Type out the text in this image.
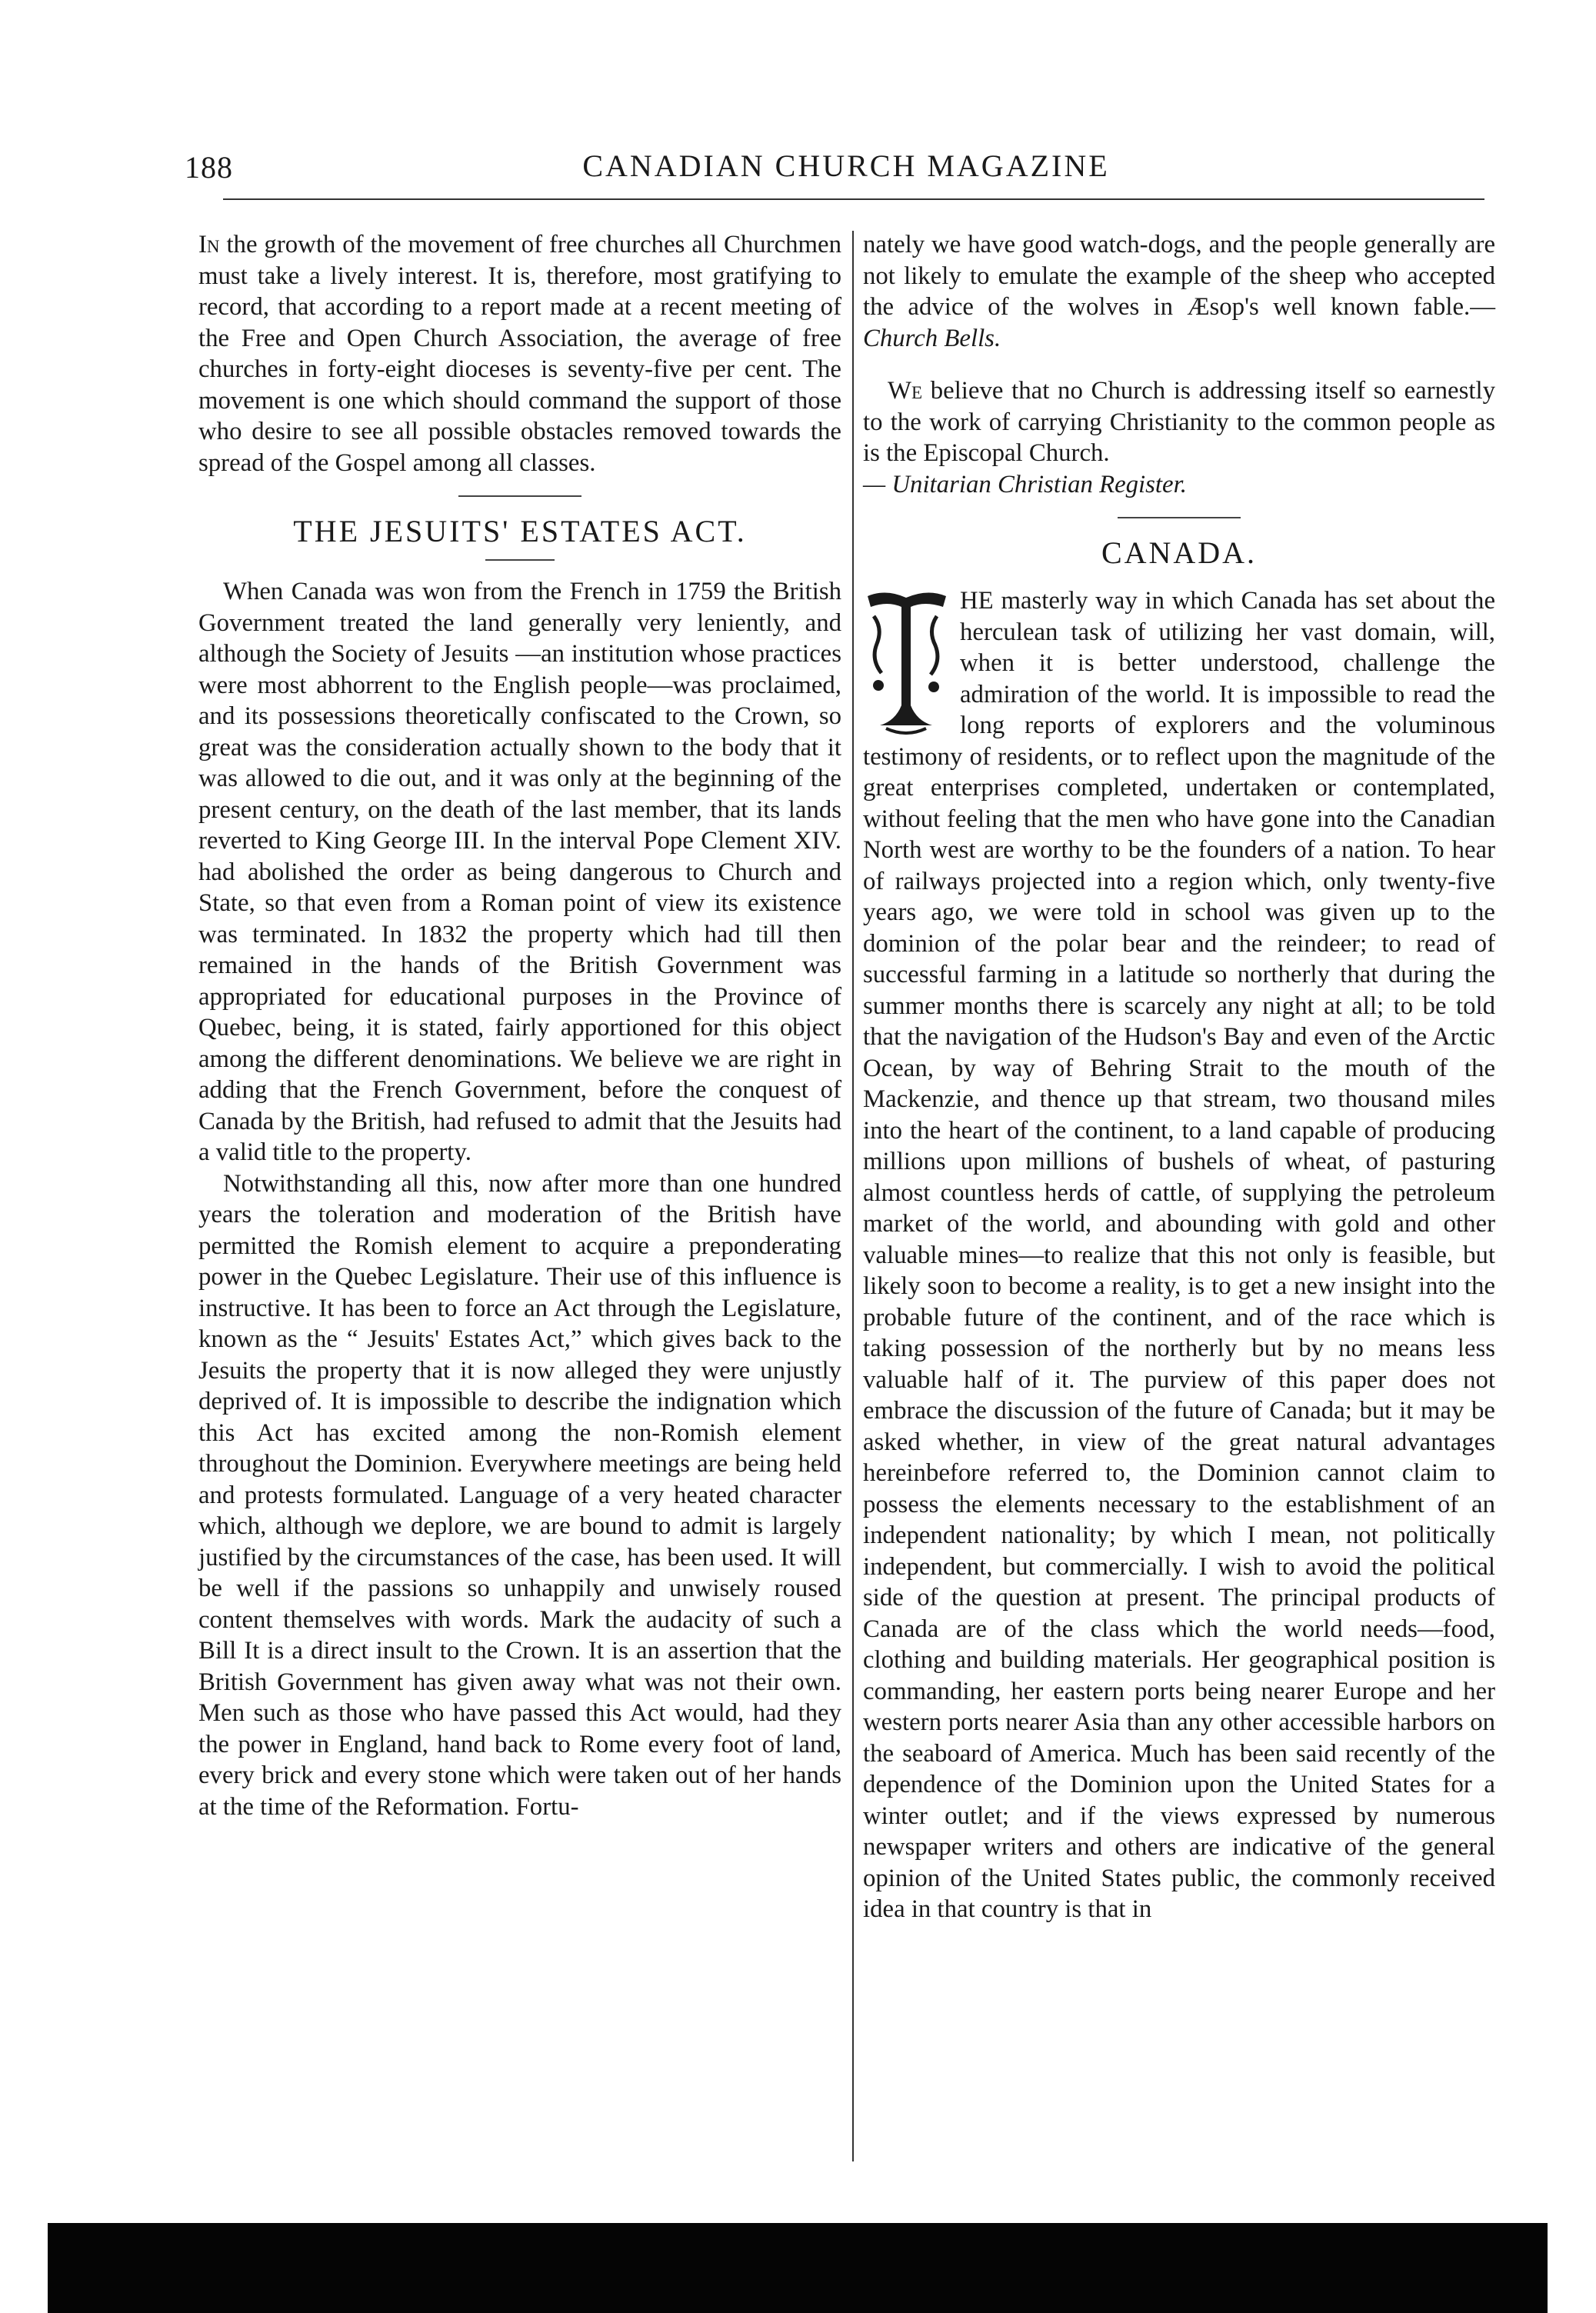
188	CANADIAN CHURCH MAGAZINE

In the growth of the movement of free churches all Churchmen must take a lively interest. It is, therefore, most gratifying to record, that according to a report made at a recent meeting of the Free and Open Church Association, the average of free churches in forty-eight dioceses is seventy-five per cent. The movement is one which should command the support of those who desire to see all possible obstacles removed towards the spread of the Gospel among all classes.

THE JESUITS' ESTATES ACT.

When Canada was won from the French in 1759 the British Government treated the land generally very leniently, and although the Society of Jesuits —an institution whose practices were most abhorrent to the English people—was proclaimed, and its possessions theoretically confiscated to the Crown, so great was the consideration actually shown to the body that it was allowed to die out, and it was only at the beginning of the present century, on the death of the last member, that its lands reverted to King George III. In the interval Pope Clement XIV. had abolished the order as being dangerous to Church and State, so that even from a Roman point of view its existence was terminated. In 1832 the property which had till then remained in the hands of the British Government was appropriated for educational purposes in the Province of Quebec, being, it is stated, fairly apportioned for this object among the different denominations. We believe we are right in adding that the French Government, before the conquest of Canada by the British, had refused to admit that the Jesuits had a valid title to the property.

Notwithstanding all this, now after more than one hundred years the toleration and moderation of the British have permitted the Romish element to acquire a preponderating power in the Quebec Legislature. Their use of this influence is instructive. It has been to force an Act through the Legislature, known as the “ Jesuits' Estates Act,” which gives back to the Jesuits the property that it is now alleged they were unjustly deprived of. It is impossible to describe the indignation which this Act has excited among the non-Romish element throughout the Dominion. Everywhere meetings are being held and protests formulated. Language of a very heated character which, although we deplore, we are bound to admit is largely justified by the circumstances of the case, has been used. It will be well if the passions so unhappily and unwisely roused content themselves with words. Mark the audacity of such a Bill It is a direct insult to the Crown. It is an assertion that the British Government has given away what was not their own. Men such as those who have passed this Act would, had they the power in England, hand back to Rome every foot of land, every brick and every stone which were taken out of her hands at the time of the Reformation. Fortu-

nately we have good watch-dogs, and the people generally are not likely to emulate the example of the sheep who accepted the advice of the wolves in Æsop's well known fable.—Church Bells.

We believe that no Church is addressing itself so earnestly to the work of carrying Christianity to the common people as is the Episcopal Church.

— Unitarian Christian Register.

CANADA.

HE masterly way in which Canada has set about the herculean task of utilizing her vast domain, will, when it is better understood, challenge the admiration of the world. It is impossible to read the long reports of explorers and the voluminous testimony of residents, or to reflect upon the magnitude of the great enterprises completed, undertaken or contemplated, without feeling that the men who have gone into the Canadian North west are worthy to be the founders of a nation. To hear of railways projected into a region which, only twenty-five years ago, we were told in school was given up to the dominion of the polar bear and the reindeer; to read of successful farming in a latitude so northerly that during the summer months there is scarcely any night at all; to be told that the navigation of the Hudson's Bay and even of the Arctic Ocean, by way of Behring Strait to the mouth of the Mackenzie, and thence up that stream, two thousand miles into the heart of the continent, to a land capable of producing millions upon millions of bushels of wheat, of pasturing almost countless herds of cattle, of supplying the petroleum market of the world, and abounding with gold and other valuable mines—to realize that this not only is feasible, but likely soon to become a reality, is to get a new insight into the probable future of the continent, and of the race which is taking possession of the northerly but by no means less valuable half of it. The purview of this paper does not embrace the discussion of the future of Canada; but it may be asked whether, in view of the great natural advantages hereinbefore referred to, the Dominion cannot claim to possess the elements necessary to the establishment of an independent nationality; by which I mean, not politically independent, but commercially. I wish to avoid the political side of the question at present. The principal products of Canada are of the class which the world needs—food, clothing and building materials. Her geographical position is commanding, her eastern ports being nearer Europe and her western ports nearer Asia than any other accessible harbors on the seaboard of America. Much has been said recently of the dependence of the Dominion upon the United States for a winter outlet; and if the views expressed by numerous newspaper writers and others are indicative of the general opinion of the United States public, the commonly received idea in that country is that in
